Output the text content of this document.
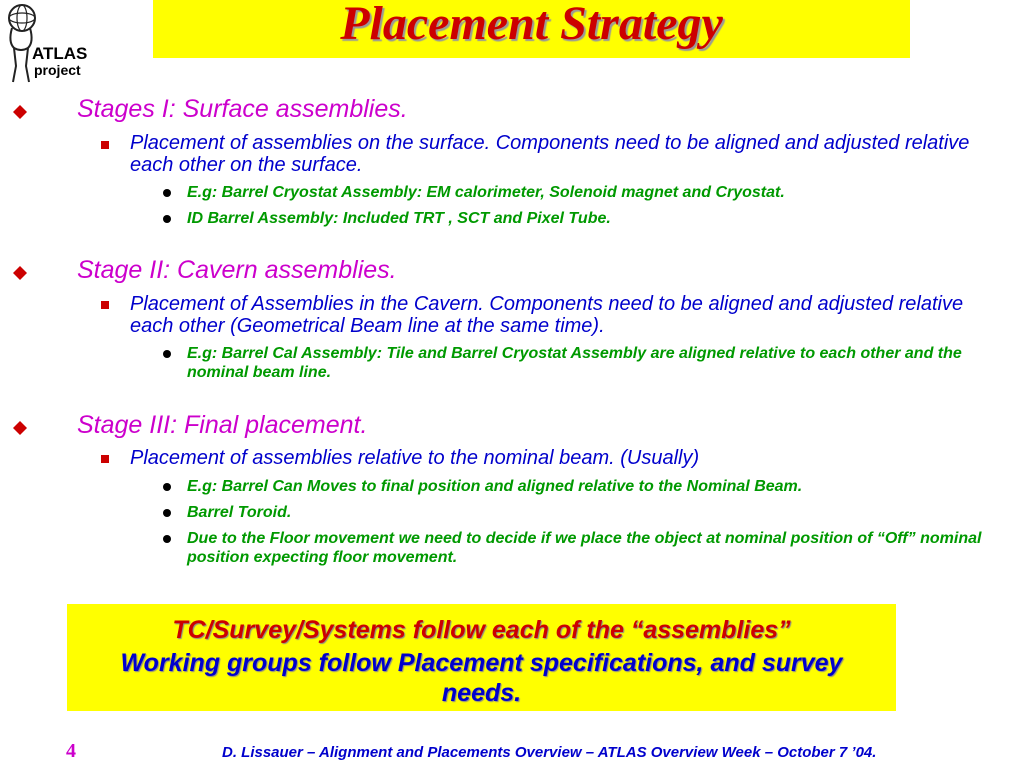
ATLAS
project
Placement Strategy
Stages I: Surface assemblies.
Placement of assemblies on the surface. Components need to be aligned and adjusted relative each other on the surface.
E.g: Barrel Cryostat Assembly: EM calorimeter, Solenoid magnet and Cryostat.
ID Barrel Assembly: Included TRT , SCT and Pixel Tube.
Stage II: Cavern assemblies.
Placement of Assemblies in the Cavern. Components need to be aligned and adjusted relative each other (Geometrical Beam line at the same time).
E.g: Barrel Cal Assembly: Tile and Barrel Cryostat Assembly are aligned relative to each other and the nominal beam line.
Stage III: Final placement.
Placement of assemblies relative to the nominal beam. (Usually)
E.g: Barrel Can Moves to final position and aligned relative to the Nominal Beam.
Barrel Toroid.
Due to the Floor movement we need to decide if we place the object at nominal position of “Off” nominal position expecting floor movement.
TC/Survey/Systems follow each of the “assemblies”
Working groups follow Placement specifications, and survey needs.
4	D. Lissauer – Alignment and Placements Overview – ATLAS Overview Week – October 7 ’04.
